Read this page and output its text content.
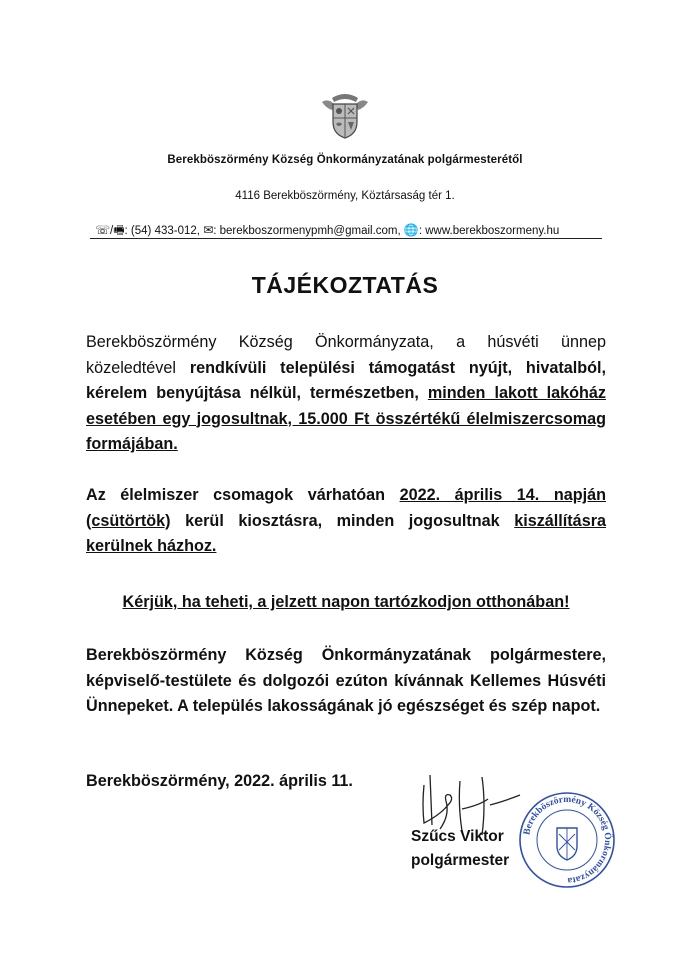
Berekböszörmény Község Önkormányzatának polgármesterétől
4116 Berekböszörmény, Köztársaság tér 1.
☏/🖷: (54) 433-012, ✉: berekboszormenypmh@gmail.com, 🌐: www.berekboszormeny.hu
TÁJÉKOZTATÁS
Berekböszörmény Község Önkormányzata, a húsvéti ünnep közeledtével rendkívüli települési támogatást nyújt, hivatalból, kérelem benyújtása nélkül, természetben, minden lakott lakóház esetében egy jogosultnak, 15.000 Ft összértékű élelmiszercsomag formájában.
Az élelmiszer csomagok várhatóan 2022. április 14. napján (csütörtök) kerül kiosztásra, minden jogosultnak kiszállításra kerülnek házhoz.
Kérjük, ha teheti, a jelzett napon tartózkodjon otthonában!
Berekböszörmény Község Önkormányzatának polgármestere, képviselő-testülete és dolgozói ezúton kívánnak Kellemes Húsvéti Ünnepeket. A település lakosságának jó egészséget és szép napot.
Berekböszörmény, 2022. április 11.
Szűcs Viktor
polgármester
Berekböszörmény Község Önkormányzata
